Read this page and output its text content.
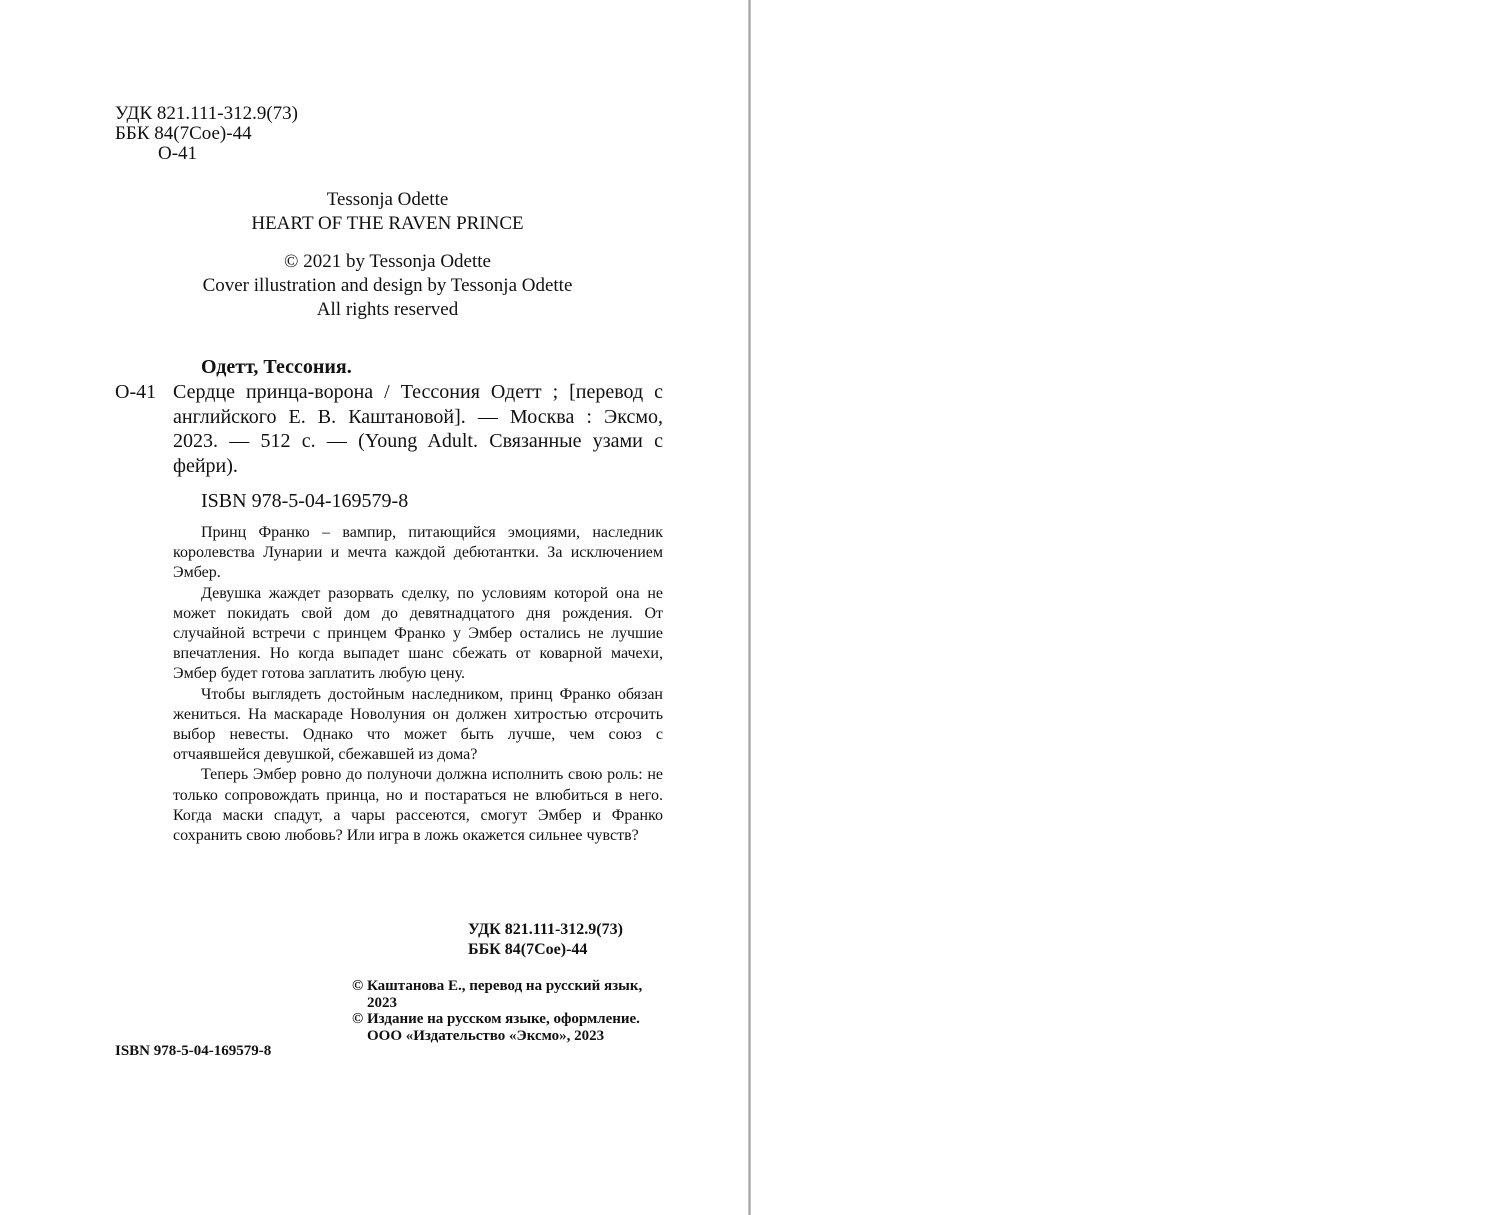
УДК 821.111-312.9(73)
ББК 84(7Сое)-44
О-41
Tessonja Odette
HEART OF THE RAVEN PRINCE
© 2021 by Tessonja Odette
Cover illustration and design by Tessonja Odette
All rights reserved
Одетт, Тессония.
О-41 Сердце принца-ворона / Тессония Одетт ; [перевод с английского Е. В. Каштановой]. — Москва : Эксмо, 2023. — 512 с. — (Young Adult. Связанные узами с фейри).
ISBN 978-5-04-169579-8

Принц Франко – вампир, питающийся эмоциями, наследник королевства Лунарии и мечта каждой дебютантки. За исключением Эмбер.

Девушка жаждет разорвать сделку, по условиям которой она не может покидать свой дом до девятнадцатого дня рождения. От случайной встречи с принцем Франко у Эмбер остались не лучшие впечатления. Но когда выпадет шанс сбежать от коварной мачехи, Эмбер будет готова заплатить любую цену.

Чтобы выглядеть достойным наследником, принц Франко обязан жениться. На маскараде Новолуния он должен хитростью отсрочить выбор невесты. Однако что может быть лучше, чем союз с отчаявшейся девушкой, сбежавшей из дома?

Теперь Эмбер ровно до полуночи должна исполнить свою роль: не только сопровождать принца, но и постараться не влюбиться в него. Когда маски спадут, а чары рассеются, смогут Эмбер и Франко сохранить свою любовь? Или игра в ложь окажется сильнее чувств?

УДК 821.111-312.9(73)
ББК 84(7Сое)-44

© Каштанова Е., перевод на русский язык, 2023

© Издание на русском языке, оформление. ООО «Издательство «Эксмо», 2023

ISBN 978-5-04-169579-8
